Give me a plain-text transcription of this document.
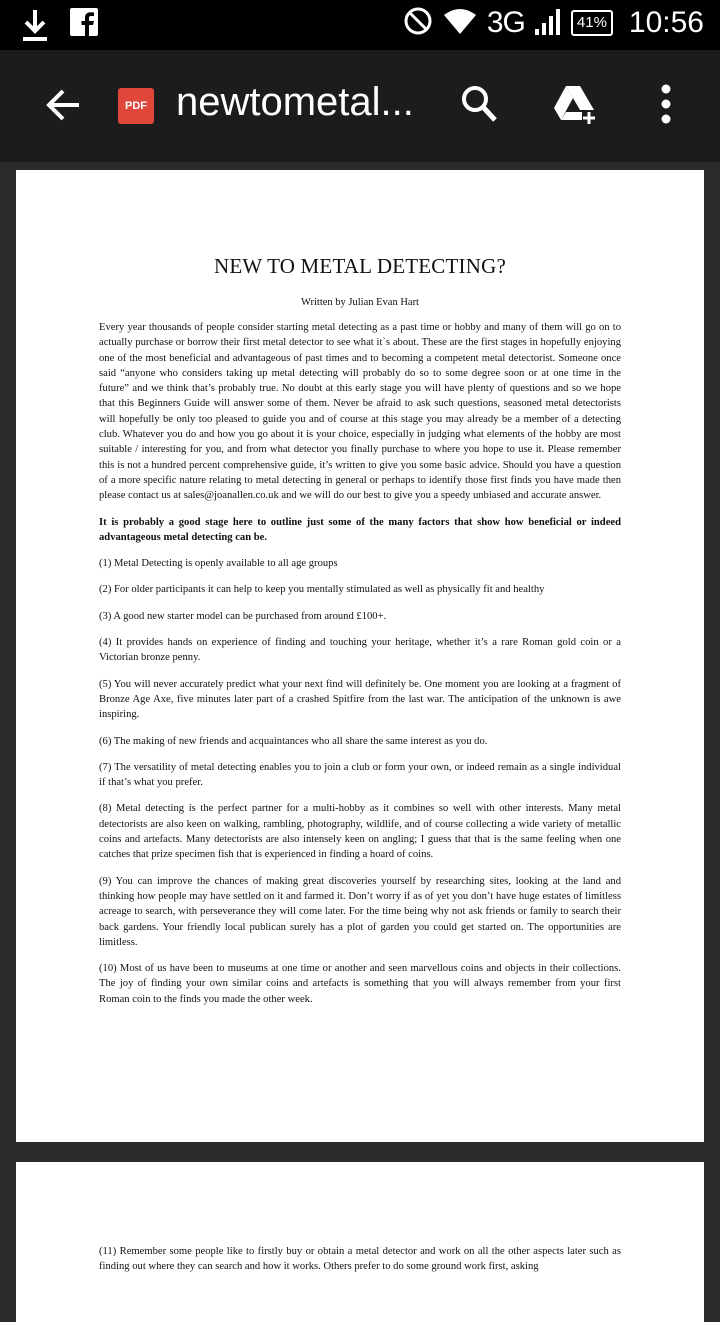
3G	41% 10:56
PDF newtometal...
NEW TO METAL DETECTING?
Written by Julian Evan Hart

Every year thousands of people consider starting metal detecting as a past time or hobby and many of them will go on to actually purchase or borrow their first metal detector to see what it`s about. These are the first stages in hopefully enjoying one of the most beneficial and advantageous of past times and to becoming a competent metal detectorist. Someone once said “anyone who considers taking up metal detecting will probably do so to some degree soon or at one time in the future” and we think that’s probably true. No doubt at this early stage you will have plenty of questions and so we hope that this Beginners Guide will answer some of them. Never be afraid to ask such questions, seasoned metal detectorists will hopefully be only too pleased to guide you and of course at this stage you may already be a member of a detecting club. Whatever you do and how you go about it is your choice, especially in judging what elements of the hobby are most suitable / interesting for you, and from what detector you finally purchase to where you hope to use it. Please remember this is not a hundred percent comprehensive guide, it’s written to give you some basic advice. Should you have a question of a more specific nature relating to metal detecting in general or perhaps to identify those first finds you have made then please contact us at sales@joanallen.co.uk and we will do our best to give you a speedy unbiased and accurate answer.

It is probably a good stage here to outline just some of the many factors that show how beneficial or indeed advantageous metal detecting can be.

(1) Metal Detecting is openly available to all age groups

(2) For older participants it can help to keep you mentally stimulated as well as physically fit and healthy

(3) A good new starter model can be purchased from around £100+.

(4) It provides hands on experience of finding and touching your heritage, whether it’s a rare Roman gold coin or a Victorian bronze penny.

(5) You will never accurately predict what your next find will definitely be. One moment you are looking at a fragment of Bronze Age Axe, five minutes later part of a crashed Spitfire from the last war. The anticipation of the unknown is awe inspiring.

(6) The making of new friends and acquaintances who all share the same interest as you do.

(7) The versatility of metal detecting enables you to join a club or form your own, or indeed remain as a single individual if that’s what you prefer.

(8) Metal detecting is the perfect partner for a multi-hobby as it combines so well with other interests. Many metal detectorists are also keen on walking, rambling, photography, wildlife, and of course collecting a wide variety of metallic coins and artefacts. Many detectorists are also intensely keen on angling; I guess that that is the same feeling when one catches that prize specimen fish that is experienced in finding a hoard of coins.

(9) You can improve the chances of making great discoveries yourself by researching sites, looking at the land and thinking how people may have settled on it and farmed it. Don’t worry if as of yet you don’t have huge estates of limitless acreage to search, with perseverance they will come later. For the time being why not ask friends or family to search their back gardens. Your friendly local publican surely has a plot of garden you could get started on. The opportunities are limitless.

(10) Most of us have been to museums at one time or another and seen marvellous coins and objects in their collections. The joy of finding your own similar coins and artefacts is something that you will always remember from your first Roman coin to the finds you made the other week.

(11) Remember some people like to firstly buy or obtain a metal detector and work on all the other aspects later such as finding out where they can search and how it works. Others prefer to do some ground work first, asking
